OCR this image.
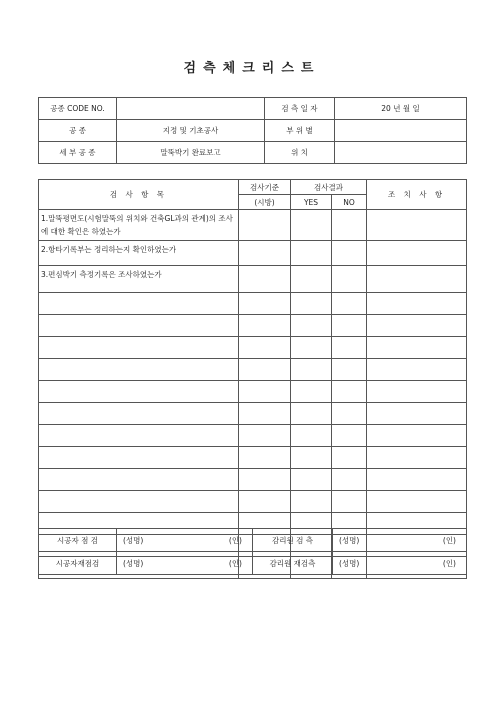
검측체크리스트
공종 CODE NO.		검 측 일 자	20 년 월 일
공 종	지정 및 기초공사	부 위 별	
세 부 공 종	말뚝박기 완료보고	위 치	
검 사 항 목	검사기준	검사결과		조 치 사 항
	(시방)	YES	NO	
1.말뚝평면도(시험말뚝의 위치와 건축GL과의 관계)의 조사에 대한 확인은 하였는가				
2.항타기록부는 정리하는지 확인하였는가				
3.편심박기 측정기록은 조사하였는가				

시공자 점 검	(성명) (인)	감리원 검 측	(성명) (인)

시공자재점검	(성명) (인)	감리원 재검측	(성명) (인)
